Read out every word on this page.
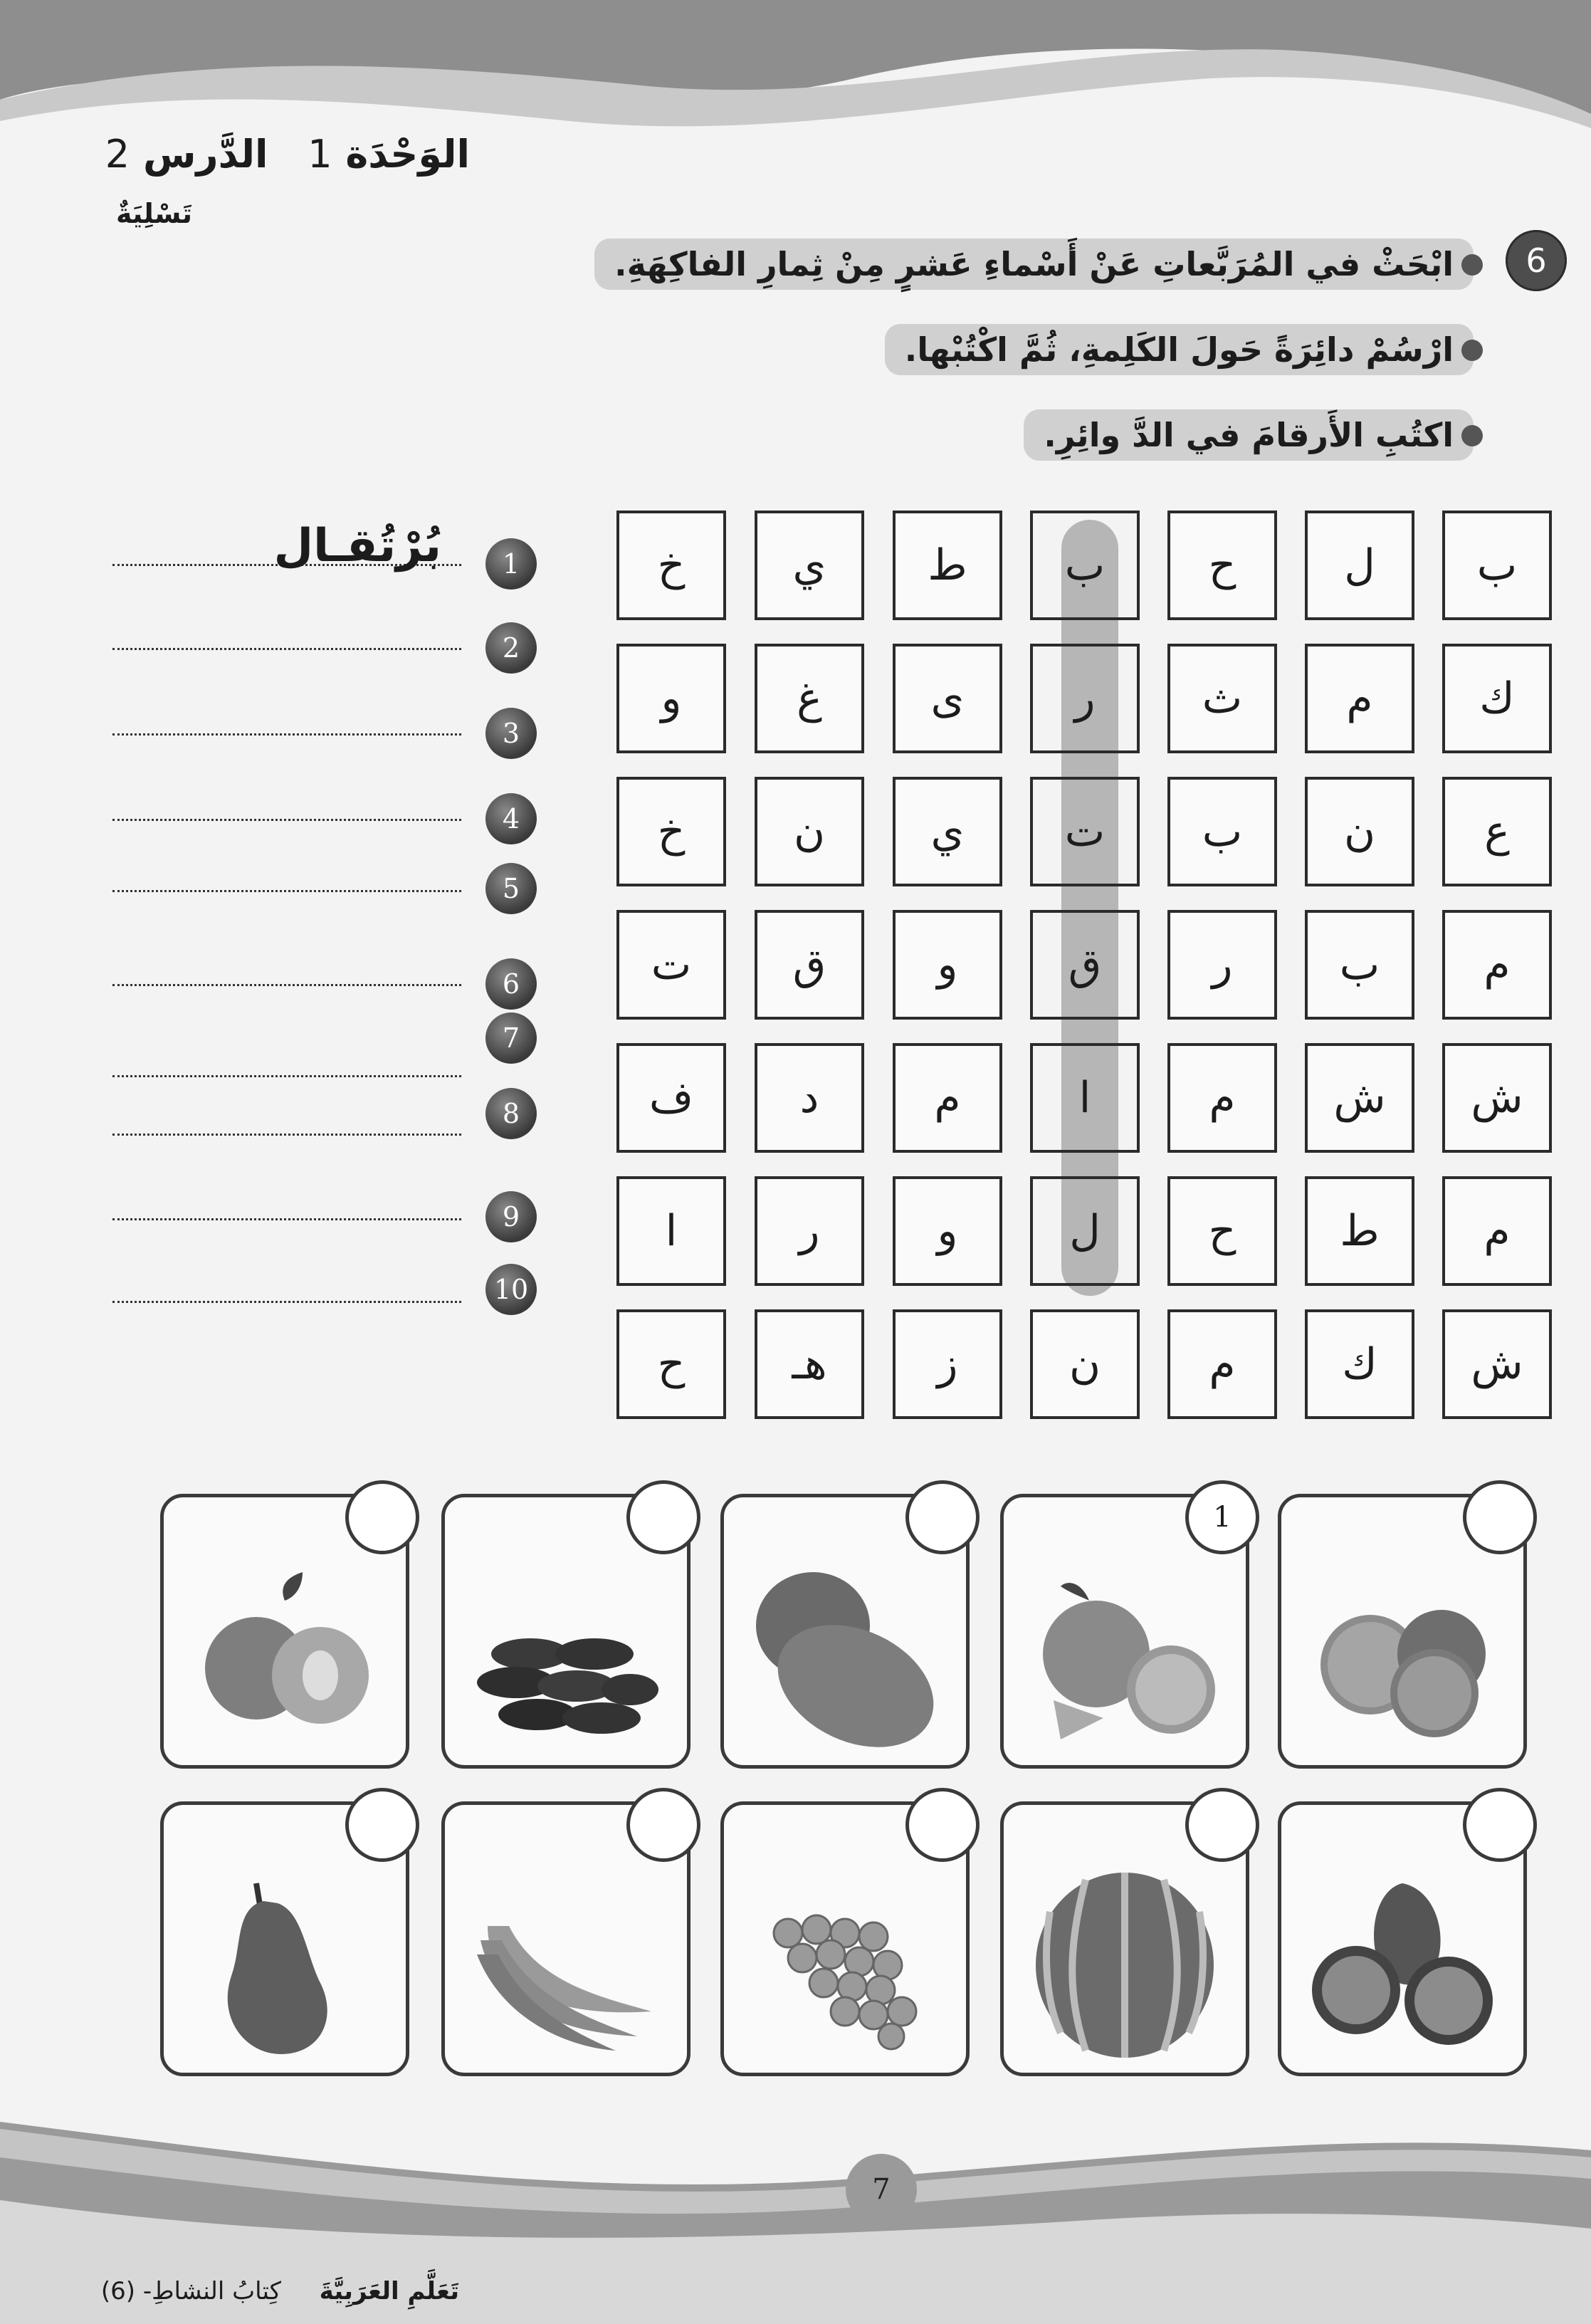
الوَحْدَة 1  الدَّرس 2
تَسْلِيَةٌ
6
ابْحَثْ في المُرَبَّعاتِ عَنْ أَسْماءِ عَشرٍ مِنْ ثِمارِ الفاكِهَةِ.
ارْسُمْ دائِرَةً حَولَ الكَلِمةِ، ثُمَّ اكْتُبْها.
اكتُبِ الأَرقامَ في الدَّ وائِرِ.
ب
ل
ح
ب
ط
ي
خ
ك
م
ث
ر
ى
غ
و
ع
ن
ب
ت
ي
ن
خ
م
ب
ر
ق
و
ق
ت
ش
ش
م
ا
م
د
ف
م
ط
ح
ل
و
ر
ا
ش
ك
م
ن
ز
هـ
ح
بُرْتُقـال	1
2
3
4
5
6
7
8
9
10
1
7
تَعَلَّمِ العَرَبِيَّةَ  كِتابُ النشاطِ- (6)
